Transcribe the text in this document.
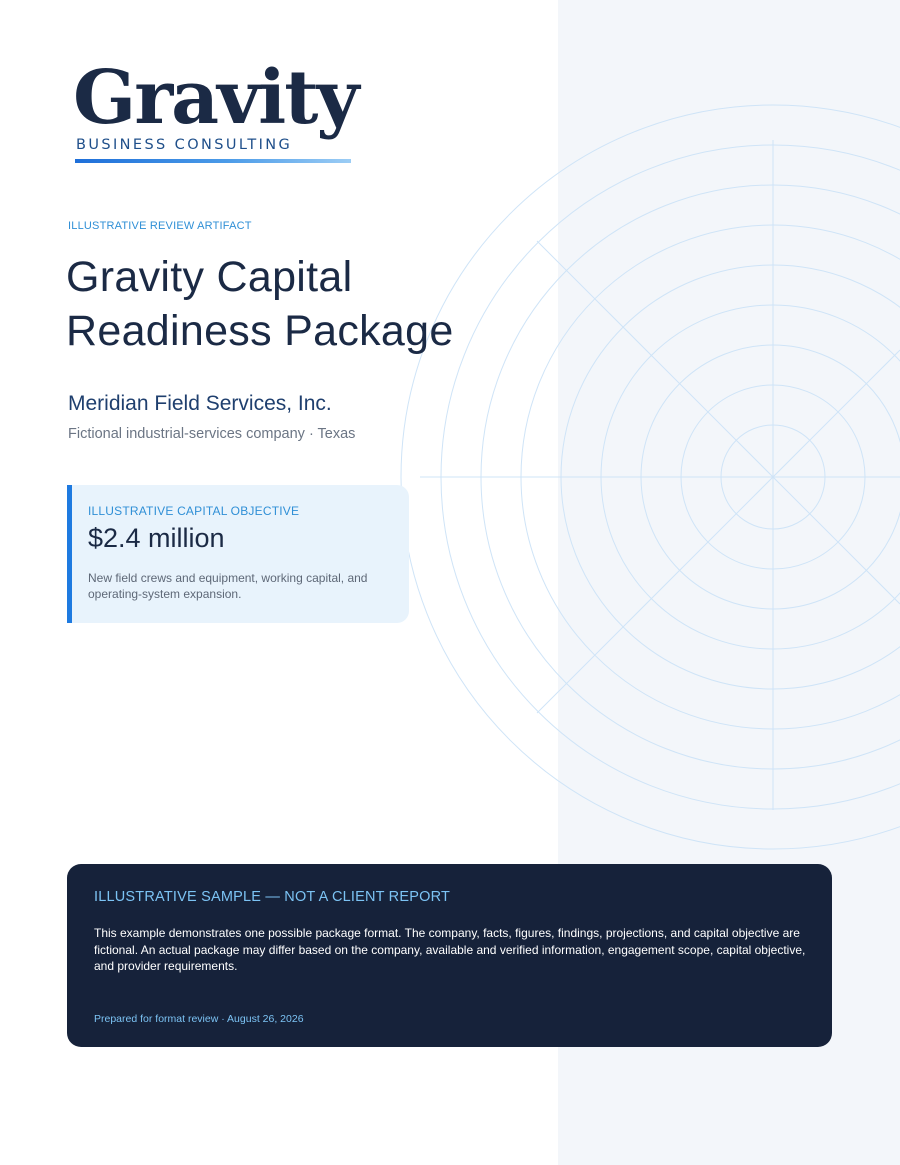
Gravity
BUSINESS CONSULTING
ILLUSTRATIVE REVIEW ARTIFACT
Gravity Capital Readiness Package
Meridian Field Services, Inc.
Fictional industrial-services company · Texas
ILLUSTRATIVE CAPITAL OBJECTIVE
$2.4 million
New field crews and equipment, working capital, and operating-system expansion.
ILLUSTRATIVE SAMPLE — NOT A CLIENT REPORT
This example demonstrates one possible package format. The company, facts, figures, findings, projections, and capital objective are fictional. An actual package may differ based on the company, available and verified information, engagement scope, capital objective, and provider requirements.
Prepared for format review · August 26, 2026
